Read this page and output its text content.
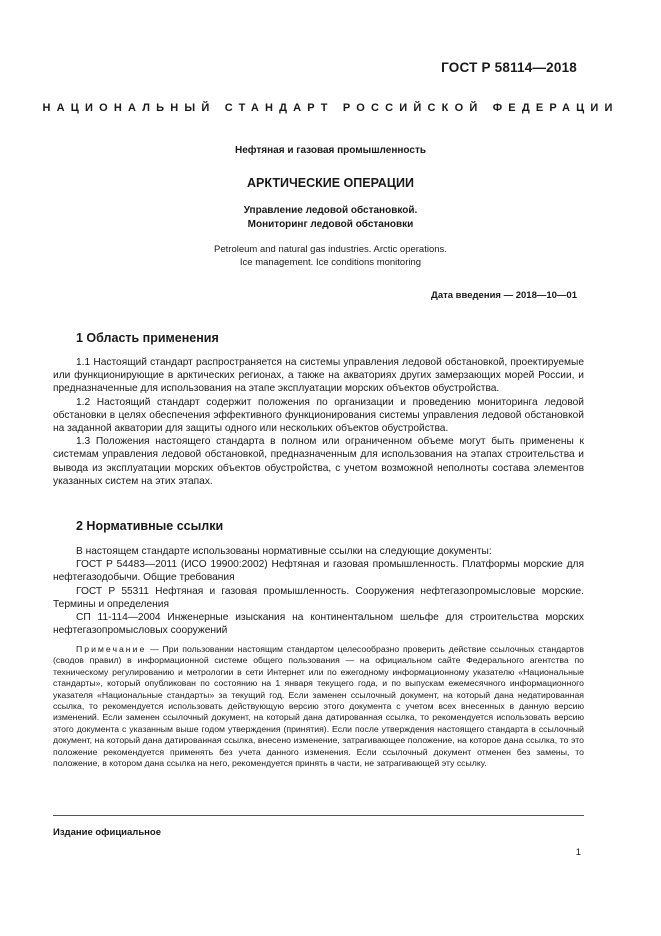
ГОСТ Р 58114—2018
НАЦИОНАЛЬНЫЙ СТАНДАРТ РОССИЙСКОЙ ФЕДЕРАЦИИ
Нефтяная и газовая промышленность
АРКТИЧЕСКИЕ ОПЕРАЦИИ
Управление ледовой обстановкой.
Мониторинг ледовой обстановки
Petroleum and natural gas industries. Arctic operations.
Ice management. Ice conditions monitoring
Дата введения — 2018—10—01
1 Область применения

1.1 Настоящий стандарт распространяется на системы управления ледовой обстановкой, проектируемые или функционирующие в арктических регионах, а также на акваториях других замерзающих морей России, и предназначенные для использования на этапе эксплуатации морских объектов обустройства.

1.2 Настоящий стандарт содержит положения по организации и проведению мониторинга ледовой обстановки в целях обеспечения эффективного функционирования системы управления ледовой обстановкой на заданной акватории для защиты одного или нескольких объектов обустройства.

1.3 Положения настоящего стандарта в полном или ограниченном объеме могут быть применены к системам управления ледовой обстановкой, предназначенным для использования на этапах строительства и вывода из эксплуатации морских объектов обустройства, с учетом возможной неполноты состава элементов указанных систем на этих этапах.

2 Нормативные ссылки

В настоящем стандарте использованы нормативные ссылки на следующие документы:

ГОСТ Р 54483—2011 (ИСО 19900:2002) Нефтяная и газовая промышленность. Платформы морские для нефтегазодобычи. Общие требования

ГОСТ Р 55311 Нефтяная и газовая промышленность. Сооружения нефтегазопромысловые морские. Термины и определения

СП 11-114—2004 Инженерные изыскания на континентальном шельфе для строительства морских нефтегазопромысловых сооружений

Примечание — При пользовании настоящим стандартом целесообразно проверить действие ссылочных стандартов (сводов правил) в информационной системе общего пользования — на официальном сайте Федерального агентства по техническому регулированию и метрологии в сети Интернет или по ежегодному информационному указателю «Национальные стандарты», который опубликован по состоянию на 1 января текущего года, и по выпускам ежемесячного информационного указателя «Национальные стандарты» за текущий год. Если заменен ссылочный документ, на который дана недатированная ссылка, то рекомендуется использовать действующую версию этого документа с учетом всех внесенных в данную версию изменений. Если заменен ссылочный документ, на который дана датированная ссылка, то рекомендуется использовать версию этого документа с указанным выше годом утверждения (принятия). Если после утверждения настоящего стандарта в ссылочный документ, на который дана датированная ссылка, внесено изменение, затрагивающее положение, на которое дана ссылка, то это положение рекомендуется применять без учета данного изменения. Если ссылочный документ отменен без замены, то положение, в котором дана ссылка на него, рекомендуется принять в части, не затрагивающей эту ссылку.

Издание официальное
1
